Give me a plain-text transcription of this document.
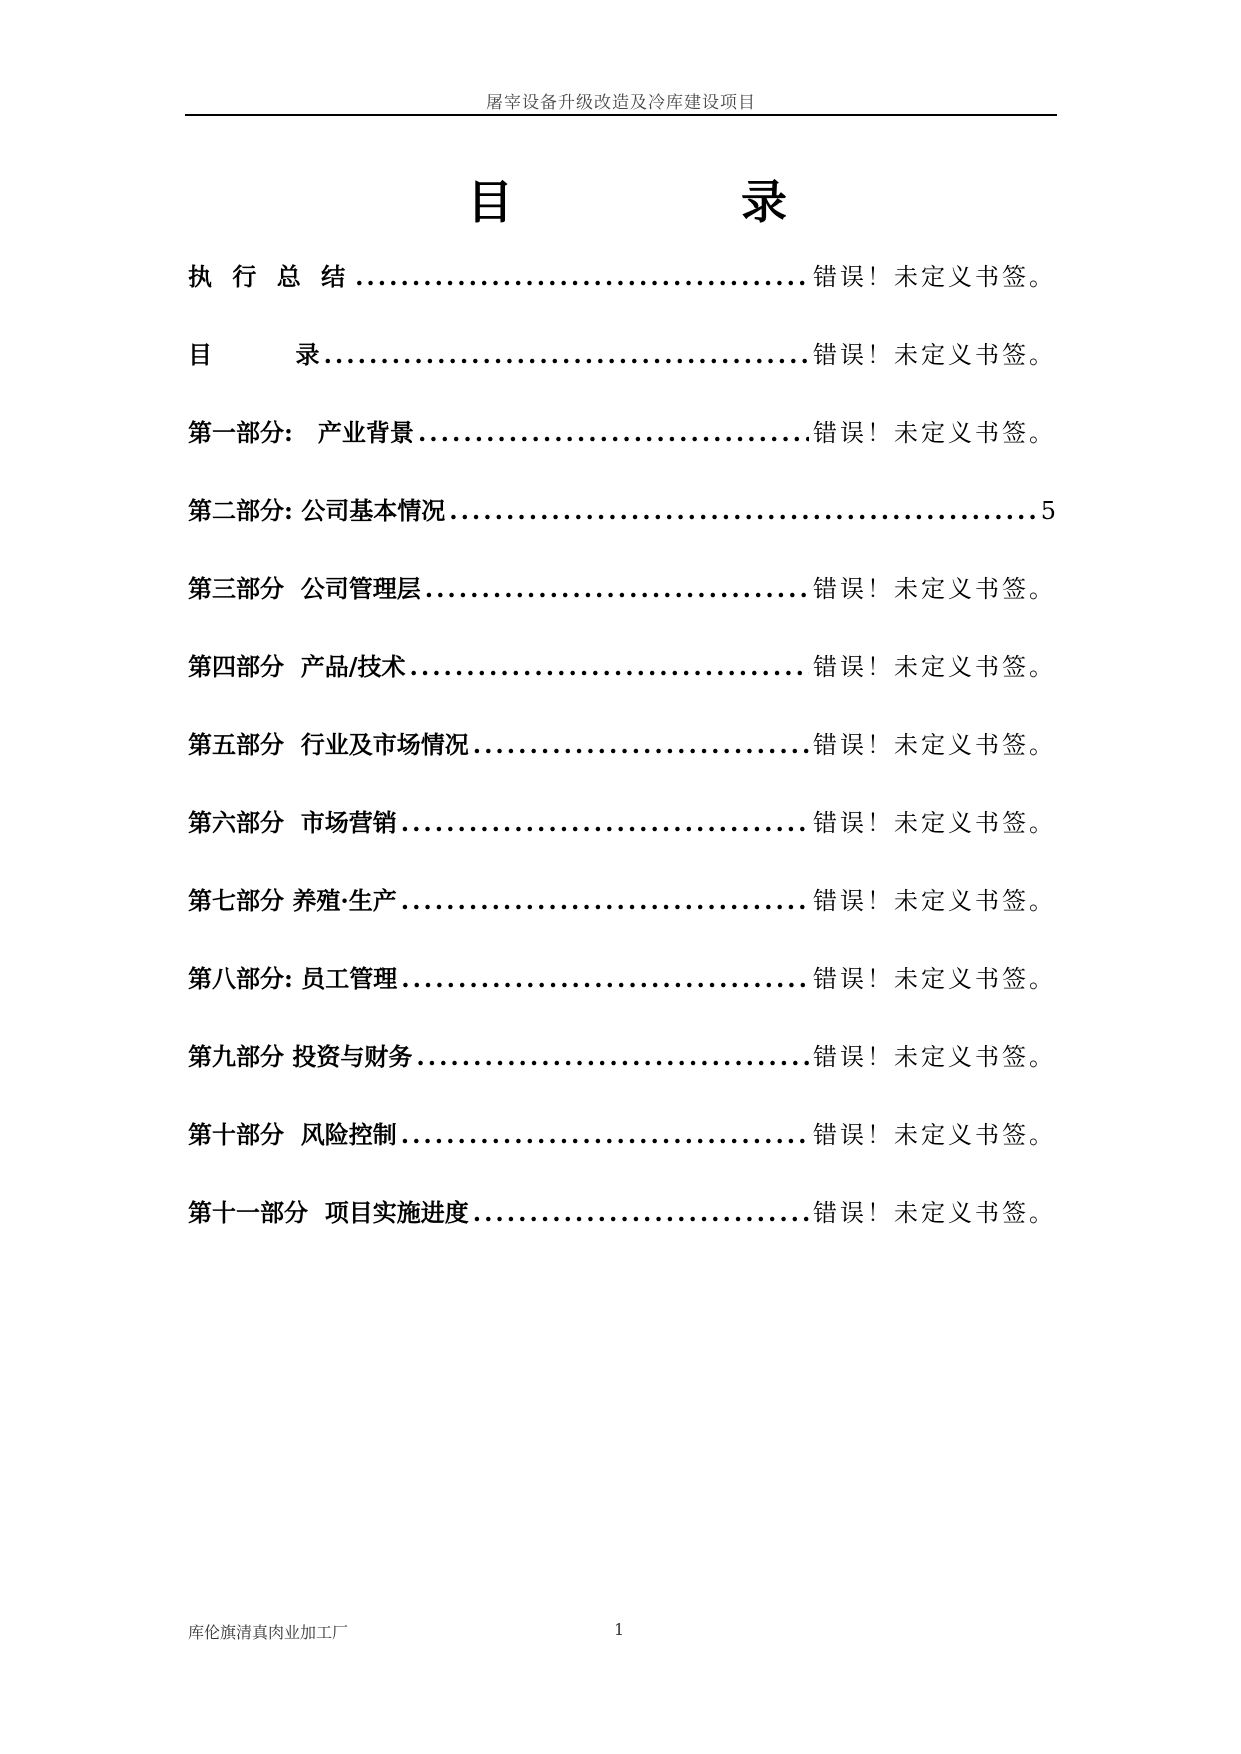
屠宰设备升级改造及冷库建设项目
目	录
执 行 总 结 .....	错误！未定义书签。
目          录 .....	错误！未定义书签。
第一部分:   产业背景 .....	错误！未定义书签。
第二部分: 公司基本情况 .....	5
第三部分  公司管理层 .....	错误！未定义书签。
第四部分  产品/技术 .....	错误！未定义书签。
第五部分  行业及市场情况 .....	错误！未定义书签。
第六部分  市场营销 .....	错误！未定义书签。
第七部分 养殖·生产 .....	错误！未定义书签。
第八部分: 员工管理 .....	错误！未定义书签。
第九部分 投资与财务 .....	错误！未定义书签。
第十部分  风险控制 .....	错误！未定义书签。
第十一部分  项目实施进度 .....	错误！未定义书签。
库伦旗清真肉业加工厂	1
